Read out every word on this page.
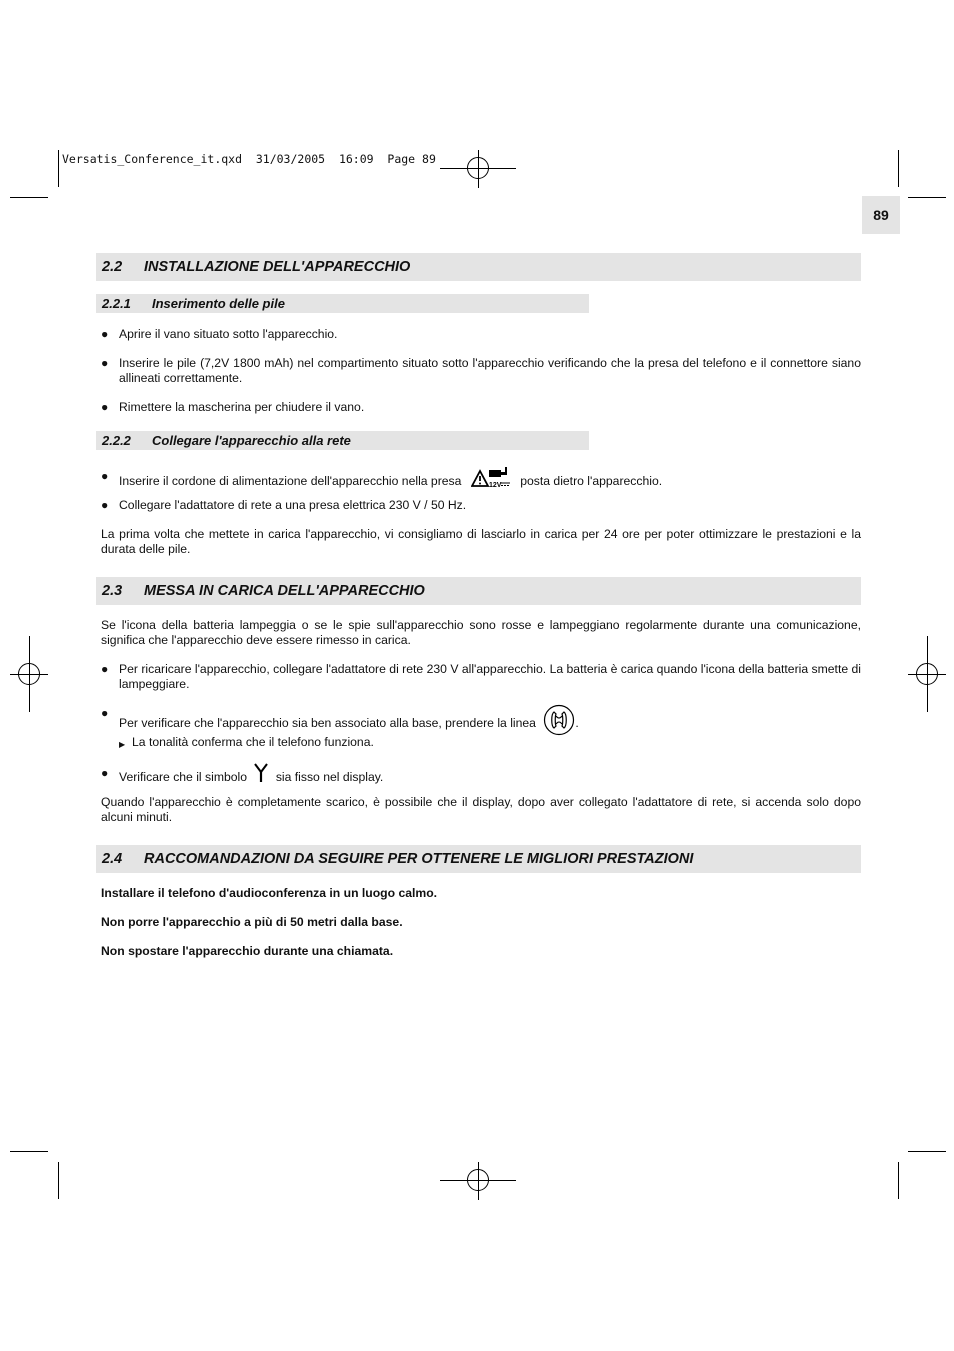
Versatis_Conference_it.qxd  31/03/2005  16:09  Page 89
89
2.2	INSTALLAZIONE DELL'APPARECCHIO
2.2.1	Inserimento delle pile
● Aprire il vano situato sotto l'apparecchio.
● Inserire le pile (7,2V 1800 mAh) nel compartimento situato sotto l'apparecchio verificando che la presa del telefono e il connettore siano allineati correttamente.
● Rimettere la mascherina per chiudere il vano.
2.2.2	Collegare l'apparecchio alla rete
● Inserire il cordone di alimentazione dell'apparecchio nella presa	12V posta dietro l'apparecchio.
● Collegare l'adattatore di rete a una presa elettrica 230 V / 50 Hz.
La prima volta che mettete in carica l'apparecchio, vi consigliamo di lasciarlo in carica per 24 ore per poter ottimizzare le prestazioni e la durata delle pile.
2.3	MESSA IN CARICA DELL'APPARECCHIO
Se l'icona della batteria lampeggia o se le spie sull'apparecchio sono rosse e lampeggiano regolarmente durante una comunicazione, significa che l'apparecchio deve essere rimesso in carica.
● Per ricaricare l'apparecchio, collegare l'adattatore di rete 230 V all'apparecchio. La batteria è carica quando l'icona della batteria smette di lampeggiare.
●
Per verificare che l'apparecchio sia ben associato alla base, prendere la linea	.
▶ La tonalità conferma che il telefono funziona.
● Verificare che il simbolo sia fisso nel display.
Quando l'apparecchio è completamente scarico, è possibile che il display, dopo aver collegato l'adattatore di rete, si accenda solo dopo alcuni minuti.
2.4	RACCOMANDAZIONI DA SEGUIRE PER OTTENERE LE MIGLIORI PRESTAZIONI
Installare il telefono d'audioconferenza in un luogo calmo.
Non porre l'apparecchio a più di 50 metri dalla base.
Non spostare l'apparecchio durante una chiamata.
